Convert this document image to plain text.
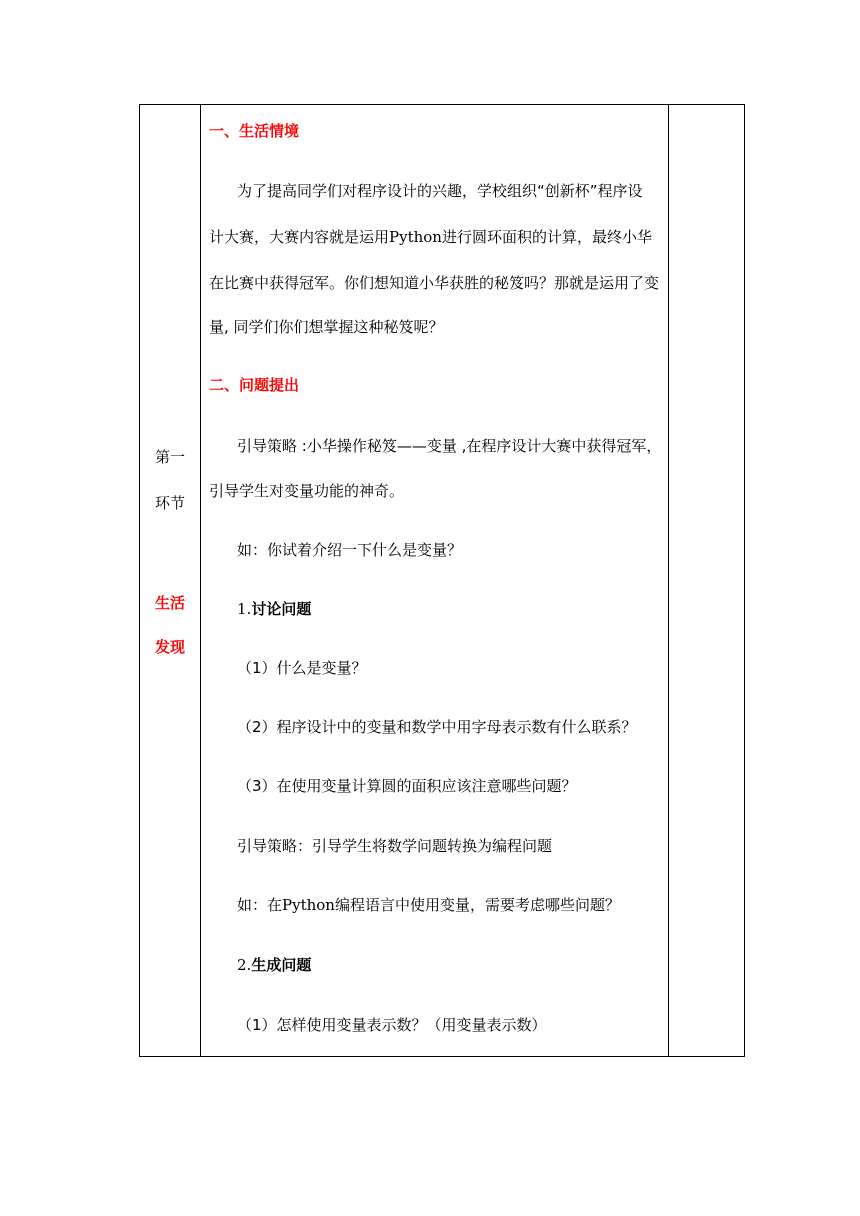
第一
环节
生活
发现
一、生活情境
为了提高同学们对程序设计的兴趣，学校组织“创新杯”程序设
计大赛，大赛内容就是运用Python进行圆环面积的计算，最终小华
在比赛中获得冠军。你们想知道小华获胜的秘笈吗？那就是运用了变
量, 同学们你们想掌握这种秘笈呢？
二、问题提出
引导策略 :小华操作秘笈——变量 ,在程序设计大赛中获得冠军，
引导学生对变量功能的神奇。
如：你试着介绍一下什么是变量？
1.讨论问题
（1）什么是变量？
（2）程序设计中的变量和数学中用字母表示数有什么联系？
（3）在使用变量计算圆的面积应该注意哪些问题？
引导策略：引导学生将数学问题转换为编程问题
如：在Python编程语言中使用变量，需要考虑哪些问题？
2.生成问题
（1）怎样使用变量表示数？（用变量表示数）
